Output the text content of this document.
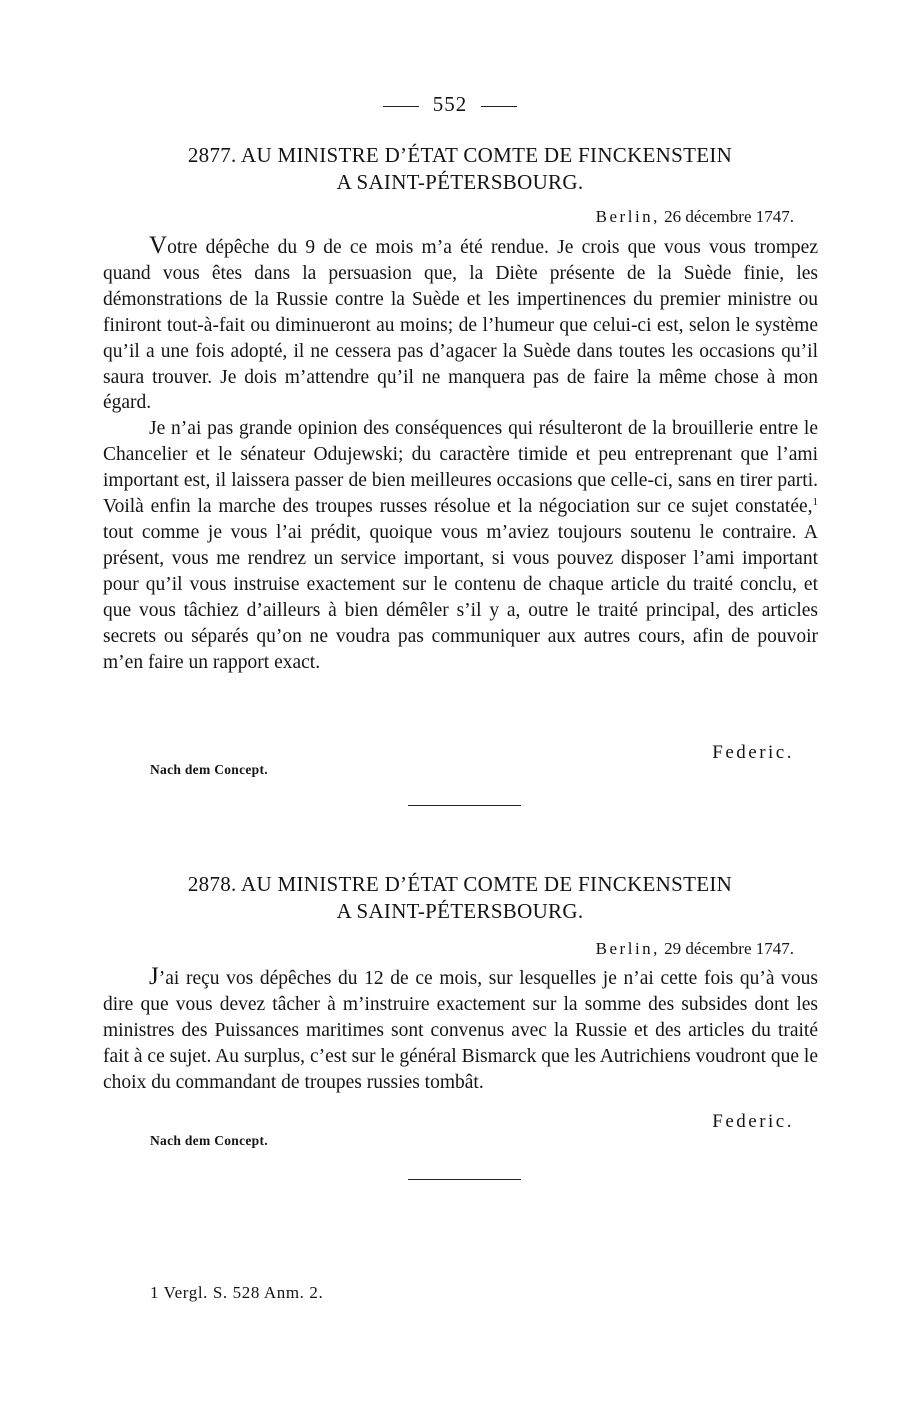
552
2877. AU MINISTRE D’ÉTAT COMTE DE FINCKENSTEIN
A SAINT-PÉTERSBOURG.
Berlin, 26 décembre 1747.

Votre dépêche du 9 de ce mois m’a été rendue. Je crois que vous vous trompez quand vous êtes dans la persuasion que, la Diète présente de la Suède finie, les démonstrations de la Russie contre la Suède et les impertinences du premier ministre ou finiront tout-à-fait ou diminueront au moins; de l’humeur que celui-ci est, selon le système qu’il a une fois adopté, il ne cessera pas d’agacer la Suède dans toutes les occasions qu’il saura trouver. Je dois m’attendre qu’il ne manquera pas de faire la même chose à mon égard.

Je n’ai pas grande opinion des conséquences qui résulteront de la brouillerie entre le Chancelier et le sénateur Odujewski; du caractère timide et peu entreprenant que l’ami important est, il laissera passer de bien meilleures occasions que celle-ci, sans en tirer parti. Voilà enfin la marche des troupes russes résolue et la négociation sur ce sujet constatée,$^1$ tout comme je vous l’ai prédit, quoique vous m’aviez toujours soutenu le contraire. A présent, vous me rendrez un service important, si vous pouvez disposer l’ami important pour qu’il vous instruise exactement sur le contenu de chaque article du traité conclu, et que vous tâchiez d’ailleurs à bien démêler s’il y a, outre le traité principal, des articles secrets ou séparés qu’on ne voudra pas communiquer aux autres cours, afin de pouvoir m’en faire un rapport exact.

Federic.
Nach dem Concept.
2878. AU MINISTRE D’ÉTAT COMTE DE FINCKENSTEIN
A SAINT-PÉTERSBOURG.
Berlin, 29 décembre 1747.

J’ai reçu vos dépêches du 12 de ce mois, sur lesquelles je n’ai cette fois qu’à vous dire que vous devez tâcher à m’instruire exactement sur la somme des subsides dont les ministres des Puissances maritimes sont convenus avec la Russie et des articles du traité fait à ce sujet. Au surplus, c’est sur le général Bismarck que les Autrichiens voudront que le choix du commandant de troupes russies tombât.

Federic.
Nach dem Concept.
1 Vergl. S. 528 Anm. 2.
